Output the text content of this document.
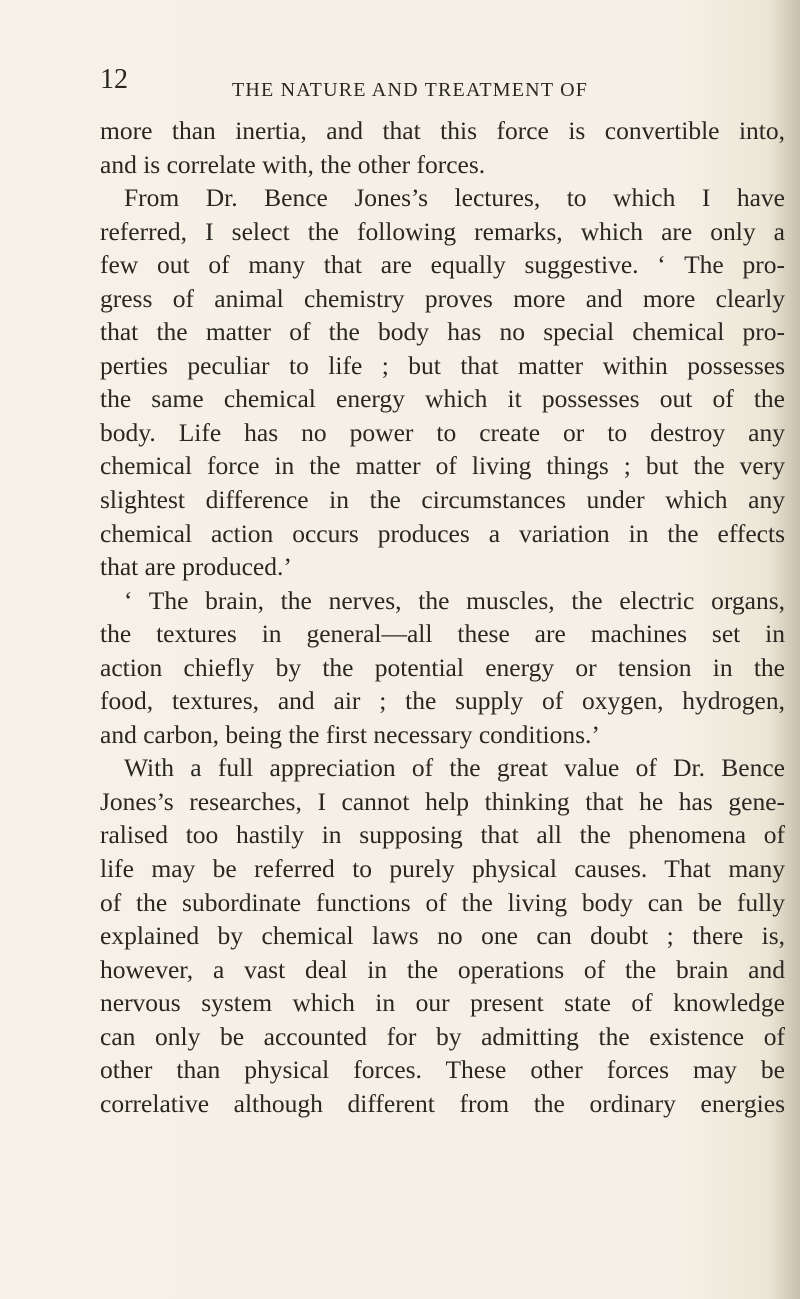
12	THE NATURE AND TREATMENT OF
more than inertia, and that this force is convertible into,
and is correlate with, the other forces.
From Dr. Bence Jones’s lectures, to which I have
referred, I select the following remarks, which are only a
few out of many that are equally suggestive. ‘ The pro-
gress of animal chemistry proves more and more clearly
that the matter of the body has no special chemical pro-
perties peculiar to life ; but that matter within possesses
the same chemical energy which it possesses out of the
body. Life has no power to create or to destroy any
chemical force in the matter of living things ; but the very
slightest difference in the circumstances under which any
chemical action occurs produces a variation in the effects
that are produced.’
‘ The brain, the nerves, the muscles, the electric organs,
the textures in general—all these are machines set in
action chiefly by the potential energy or tension in the
food, textures, and air ; the supply of oxygen, hydrogen,
and carbon, being the first necessary conditions.’
With a full appreciation of the great value of Dr. Bence
Jones’s researches, I cannot help thinking that he has gene-
ralised too hastily in supposing that all the phenomena of
life may be referred to purely physical causes. That many
of the subordinate functions of the living body can be fully
explained by chemical laws no one can doubt ; there is,
however, a vast deal in the operations of the brain and
nervous system which in our present state of knowledge
can only be accounted for by admitting the existence of
other than physical forces. These other forces may be
correlative although different from the ordinary energies
